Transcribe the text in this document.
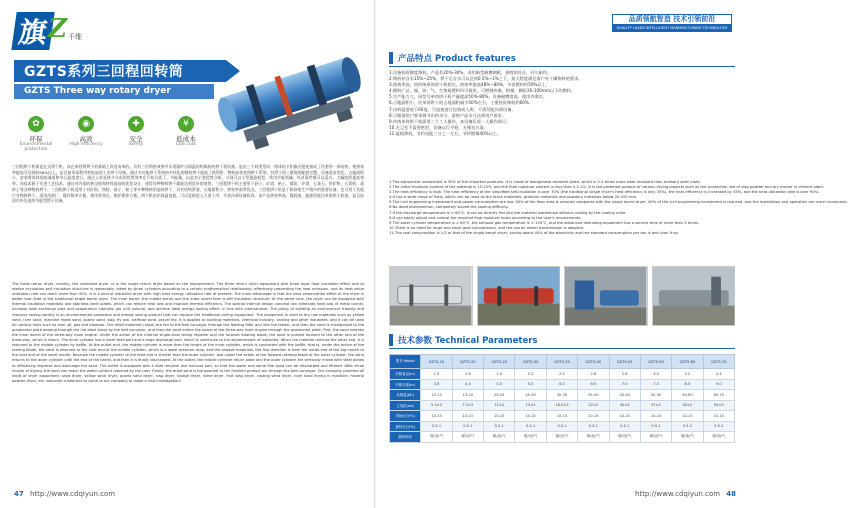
旗
Z 千维
GZTS系列三回程回转筒
GZTS Three way rotary dryer
✿
环保
Environmental protection
◉
高效
High efficiency
✚
安全
Safety
¥
低成本
Low cost
三回程烘干机即是在式烘干机。该在单回烘烘干机基础上改进而来的。具有三层筒热效果并实现器件自保温结构保持的烘干机设备。是由三个同类型同一筒体的卡扣嵌式壁连接成了作套的一体结构，使热效率提高可达到约98%以上。是目前市场利用率很高的工业烘干设备。通过多功能烘干系统的多样化的物料烘干提高了热利用，物料高效变热烘干系统，其烘干机三联筒的配套完整，设备进步优化，占地面积小，安装时筒体间的通道和中心温度进行，通过入外延热介分布的优势效率在开始方面了，节能量，以此对主要优势分析，分别可以小型建造机型，常用节能领域，经济条件都可以适应。大幅度的提高效率。该技术源于先进工艺技术，通过对内部的热交换和材料流向的优化设计，使得各种物料烘干都能达到良好的效果。三回程烘干机主要用于砂子、矿渣、粘土、煤炭、炉渣、石灰石、铁矿粉、石膏粉、高岭土等各种物料烘干。三回程烘干机适用于对矿粉、铁粉、砂子、粘土等多种物料的湿料烘干，具有结构紧凑、占地面积小、热效率高等优点。三回程烘干机是干粉砂浆生产线中的重要设备，也可用于其他行业物料烘干。适用范围广，操作简单方便，使用寿命长，维护保养方便。烘干机的出料温度低，可以直接进入下道工序，节省冷却设备投资。该产品热效率高，煤耗低，能源消耗比单筒烘干机低，是目前国内外先进的节能型烘干设备。
The three return dryer, namely, the combined dryer, is in the single return dryer based on the improvement. The three return dryer equipment with three layer heat insulation effect and to realize circulation self insulation structure is reasonably linked by three cylinders according to a certain mathematical relationship, effectively preventing the heat emission, and its heat value utilization rate can reach more than 90%. It is a kind of industrial dryer with high heat energy utilization rate at present. The main advantage is that the heat preservation effect of the dryer is better than that of the traditional single barrel dryer. The inner barrel, the middle barrel and the outer barrel form a self insulation structure. At the same time, the dryer can be equipped with thermal insulation materials and stainless steel plates, which can reduce heat loss and improve thermal efficiency. The special internal design concept can eliminate heat loss of metal tunnel, increase heat exchange area and evaporation intensity per unit volume, and achieve ideal energy saving effect. In line with international. The policy of building an environment friendly and resource saving society is an environmental protection and energy saving product that can replace the traditional drying equipment. The equipment is used to dry raw materials such as yellow sand, river sand, machine made sand, quartz sand, slag, fly ash, artificial sand, gravel etc. It is applied to building materials, chemical industry, casting and other industries, and it can be used for various fuels such as coal, oil, gas and biomass. The dried materials (sand) are fed to the belt conveyor through the feeding filter and into the feeder, and then the sand is transported to the quadrantal plate passing through the hot blast stove by the belt conveyor, and then the sand enters the barrel of the three-way main engine through the quadrantal plate. First, the sand reaches the inner barrel of the three-way main engine. Under the action of the internal single-level lexing impeller and the forward rotating blade, the sand is pushed forward to the other end of the three-way, which is return. The inner cylinder has a small feed port and a large discharge port, which is conducive to the advancement of materials. When the material reaches the other end, it is returned to the middle cylinder by baffle. At the outlet end, the middle cylinder is more than the length of the inner cylinder, which is connected with the baffle, that is, under the action of the rearing blade, the sand is returned to the inlet end of the middle cylinder, which is a lower pressure drop, and the sample materials, the flue direction is from the outlet end of the big mouth to the inlet end of the small mouth. Because the middle cylinder at the feed end is shorter than the outer cylinder, and under the action of the forward rotating blade of the outer cylinder, the sand returns to the outer cylinder until the end of the barrel, and then it is finally discharged. At the outlet, the middle cylinder return plate and the outer cylinder are vertically mixed with steel plates to effectively disperse and discharge the sand. The outlet is equipped with a dust removal and exhaust port, so that the water and some fine sand can be discharged and filtered. After three rounds of drying, the sand can reach the water content required by the user. Finally, the dried sand is transported to the finished product bin through the belt conveyor. Our company provides all kinds of dryer equipment: sand dryer, yellow sand dryer, quartz sand dryer, slag dryer, sludge dryer, slime dryer, fruit slag dryer, casting sand dryer, river sand drying in machine, mineral powder dryer, etc. welcome customers to come to our company to make a visit investigation!
47 http://www.cdqiyun.com
品质领航智造 技术引领前沿
QUALITY LEADS INTELLIGENT MANUFACTURING TECHNOLOGY LEADS THE FRONTIER
产品特点 Product features
1.设备投资额度降低，产品有20%-30%，采用新型耐磨钢板，独特的设计，经久耐用。
2.物料初含水15%~25%，烘干后含水可以达到0.5%~1%之下，最大程度满足客户对干燥物料的要求。
3.热效率高，同传统单筒烘干机相比，热效率提高48%~80%，节省燃料约50%以上。
4.燃料广泛，煤、油、气、生物质燃料均可使用，可燃烧块煤、粉煤、颗粒20-100mm以下的燃料。
5.生产能力大，同型号单筒烘干机产量提高50%-80%，设备耐磨度高，使用寿命长。
6.占地面积小，比单筒烘干机占地面积减少50%左右，土建投资降低约60%。
7.出料温度低于60度，可直接进行包装或入库，不需另配冷却设备。
8.可根据用户要求调节出料水分，最终产品水分达到用户要求。
9.传统单筒烘干机需要三个工人操作，本设备仅需一人操作即可。
10.无尘室不需要密封，设备运行平稳，无噪音污染。
11.能耗降低，节约电能三分之一左右，节约燃煤40%以上。
1.The equipment investment is 30% of the imported products. It is made of manganese resistant plate, which is 3-4 times more wear resistant than ordinary steel plate.
2.The initial moisture content of the material is 15-25%, and the final moisture content is less than 0.5-1%. It is the preferred product of various drying projects such as the production line of slag powder and dry mortar in cement plant.
3.The heat efficiency is high. The heat efficiency of the simplified self-insulation is over 70% (the traditional single dryer's heat efficiency is only 35%), the heat efficiency is increased by 35%, and the heat utilization rate is over 90%.
4.It has a wide range of fuels, which can be used as dry block materials, granular materials and powdery materials below 20-100 mm.
5.The civil engineering investment and power consumption are low. 50% of the floor area is reduced compared with the single barrel dryer, 40% of the civil engineering investment is reduced, and the installation and operation are more convenient.
6.No dead phenomenon, completely solved the sealing difficulty.
7.If the discharge temperature is < 60°C, it can be directly fed into the material warehouse without cooling by the cooling roller.
8.It can easily adjust and control the required final moisture index according to the user's requirements.
9.The outer cylinder temperature is < 60°C, the exhaust gas temperature is < 120°C, and the advanced dedusting equipment has a service time of more than 3 times.
10.There is no need for large and small gear transmission, and the carrier wheel transmission is adopted.
11.The coal consumption is 1/3 of that of the single barrel dryer, saving about 40% of the electricity and the standard consumption per ton is less than 9 kg.
技术参数 Technical Parameters
型号 Model	GZTS-15	GZTS-20	GZTS-25	GZTS-30	GZTS-35	GZTS-40	GZTS-45	GZTS-50	GZTS-60	GZTS-70
外筒直径(m)	1.5	1.8	2.0	2.2	2.5	2.6	2.8	3.0	3.2	3.4
外筒长度(m)	3.8	4.5	5.0	5.5	6.0	6.5	7.0	7.5	8.0	9.0
处理量(t/h)	10-15	15-20	20-25	25-30	30-35	35-40	40-45	45-50	50-60	60-70
主电机(kw)	5.5×2	7.5×2	11×2	15×2	18.5×2	22×2	30×2	37×2	45×2	55×2
初始水分(%)	10-15	10-15	10-15	10-15	10-15	10-15	10-15	10-15	10-15	10-15
最终水分(%)	0.5-1	0.5-1	0.5-1	0.5-1	0.5-1	0.5-1	0.5-1	0.5-1	0.5-1	0.5-1
燃料种类	煤/油/气	煤/油/气	煤/油/气	煤/油/气	煤/油/气	煤/油/气	煤/油/气	煤/油/气	煤/油/气	煤/油/气
http://www.cdqiyun.com 48
